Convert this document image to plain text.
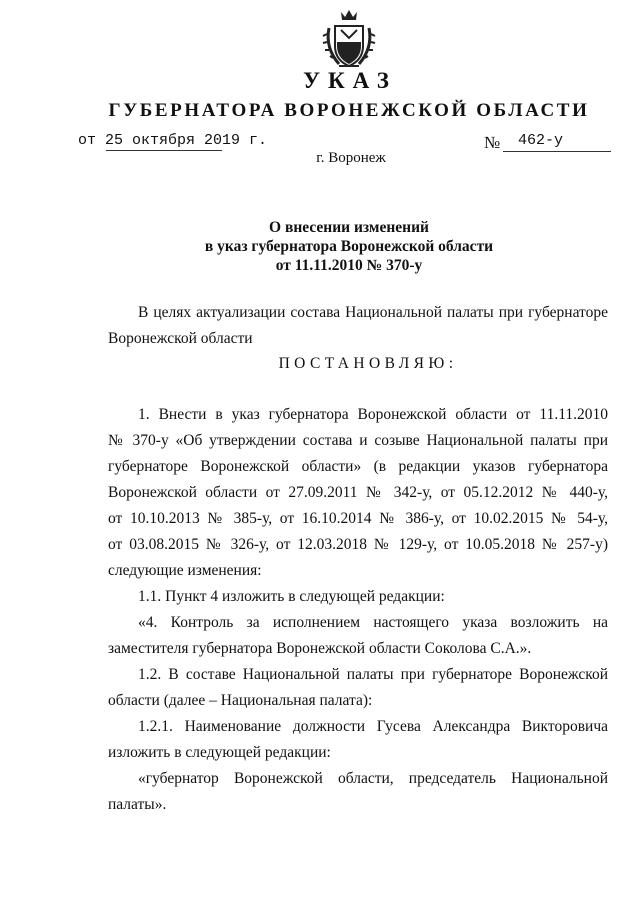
УКАЗ
ГУБЕРНАТОРА ВОРОНЕЖСКОЙ ОБЛАСТИ
от 25 октября 2019 г.	№ 462-у
г. Воронеж
О внесении изменений
в указ губернатора Воронежской области
от 11.11.2010 № 370-у
В целях актуализации состава Национальной палаты при губернаторе
Воронежской области
ПОСТАНОВЛЯЮ:
1. Внести в указ губернатора Воронежской области от 11.11.2010
№ 370-у «Об утверждении состава и созыве Национальной палаты при
губернаторе Воронежской области» (в редакции указов губернатора
Воронежской области от 27.09.2011 № 342-у, от 05.12.2012 № 440-у,
от 10.10.2013 № 385-у, от 16.10.2014 № 386-у, от 10.02.2015 № 54-у,
от 03.08.2015 № 326-у, от 12.03.2018 № 129-у, от 10.05.2018 № 257-у)
следующие изменения:
1.1. Пункт 4 изложить в следующей редакции:
«4. Контроль за исполнением настоящего указа возложить на
заместителя губернатора Воронежской области Соколова С.А.».
1.2. В составе Национальной палаты при губернаторе Воронежской
области (далее – Национальная палата):
1.2.1. Наименование должности Гусева Александра Викторовича
изложить в следующей редакции:
«губернатор Воронежской области, председатель Национальной
палаты».
